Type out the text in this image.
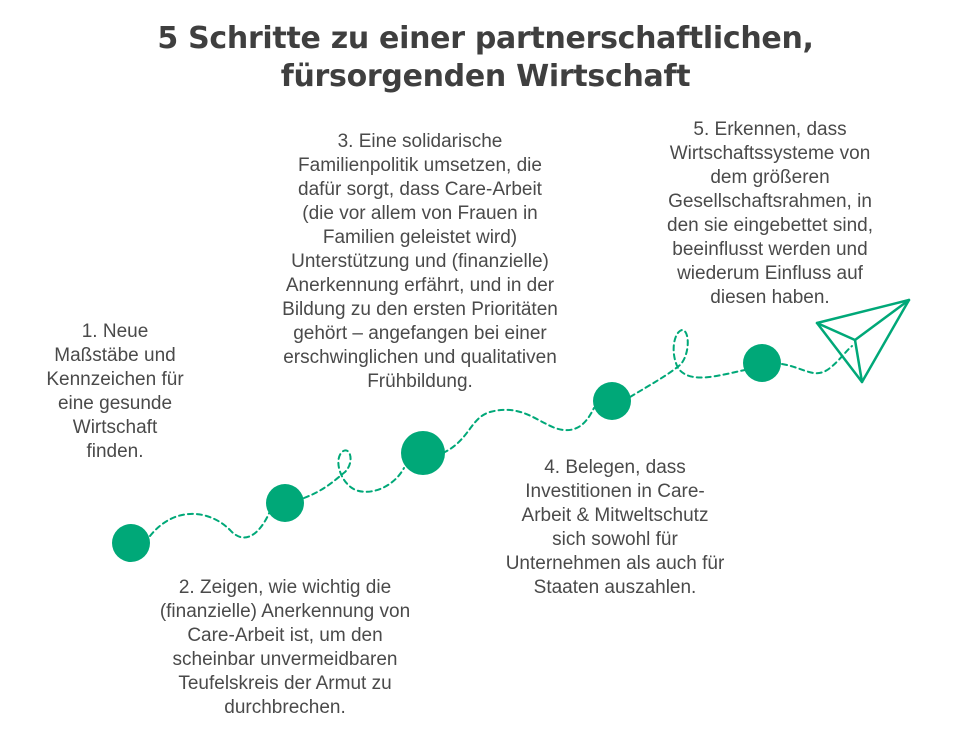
5 Schritte zu einer partnerschaftlichen,
fürsorgenden Wirtschaft
1. Neue
Maßstäbe und
Kennzeichen für
eine gesunde
Wirtschaft
finden.
2. Zeigen, wie wichtig die
(finanzielle) Anerkennung von
Care-Arbeit ist, um den
scheinbar unvermeidbaren
Teufelskreis der Armut zu
durchbrechen.
3. Eine solidarische
Familienpolitik umsetzen, die
dafür sorgt, dass Care-Arbeit
(die vor allem von Frauen in
Familien geleistet wird)
Unterstützung und (finanzielle)
Anerkennung erfährt, und in der
Bildung zu den ersten Prioritäten
gehört – angefangen bei einer
erschwinglichen und qualitativen
Frühbildung.
4. Belegen, dass
Investitionen in Care-
Arbeit & Mitweltschutz
sich sowohl für
Unternehmen als auch für
Staaten auszahlen.
5. Erkennen, dass
Wirtschaftssysteme von
dem größeren
Gesellschaftsrahmen, in
den sie eingebettet sind,
beeinflusst werden und
wiederum Einfluss auf
diesen haben.
